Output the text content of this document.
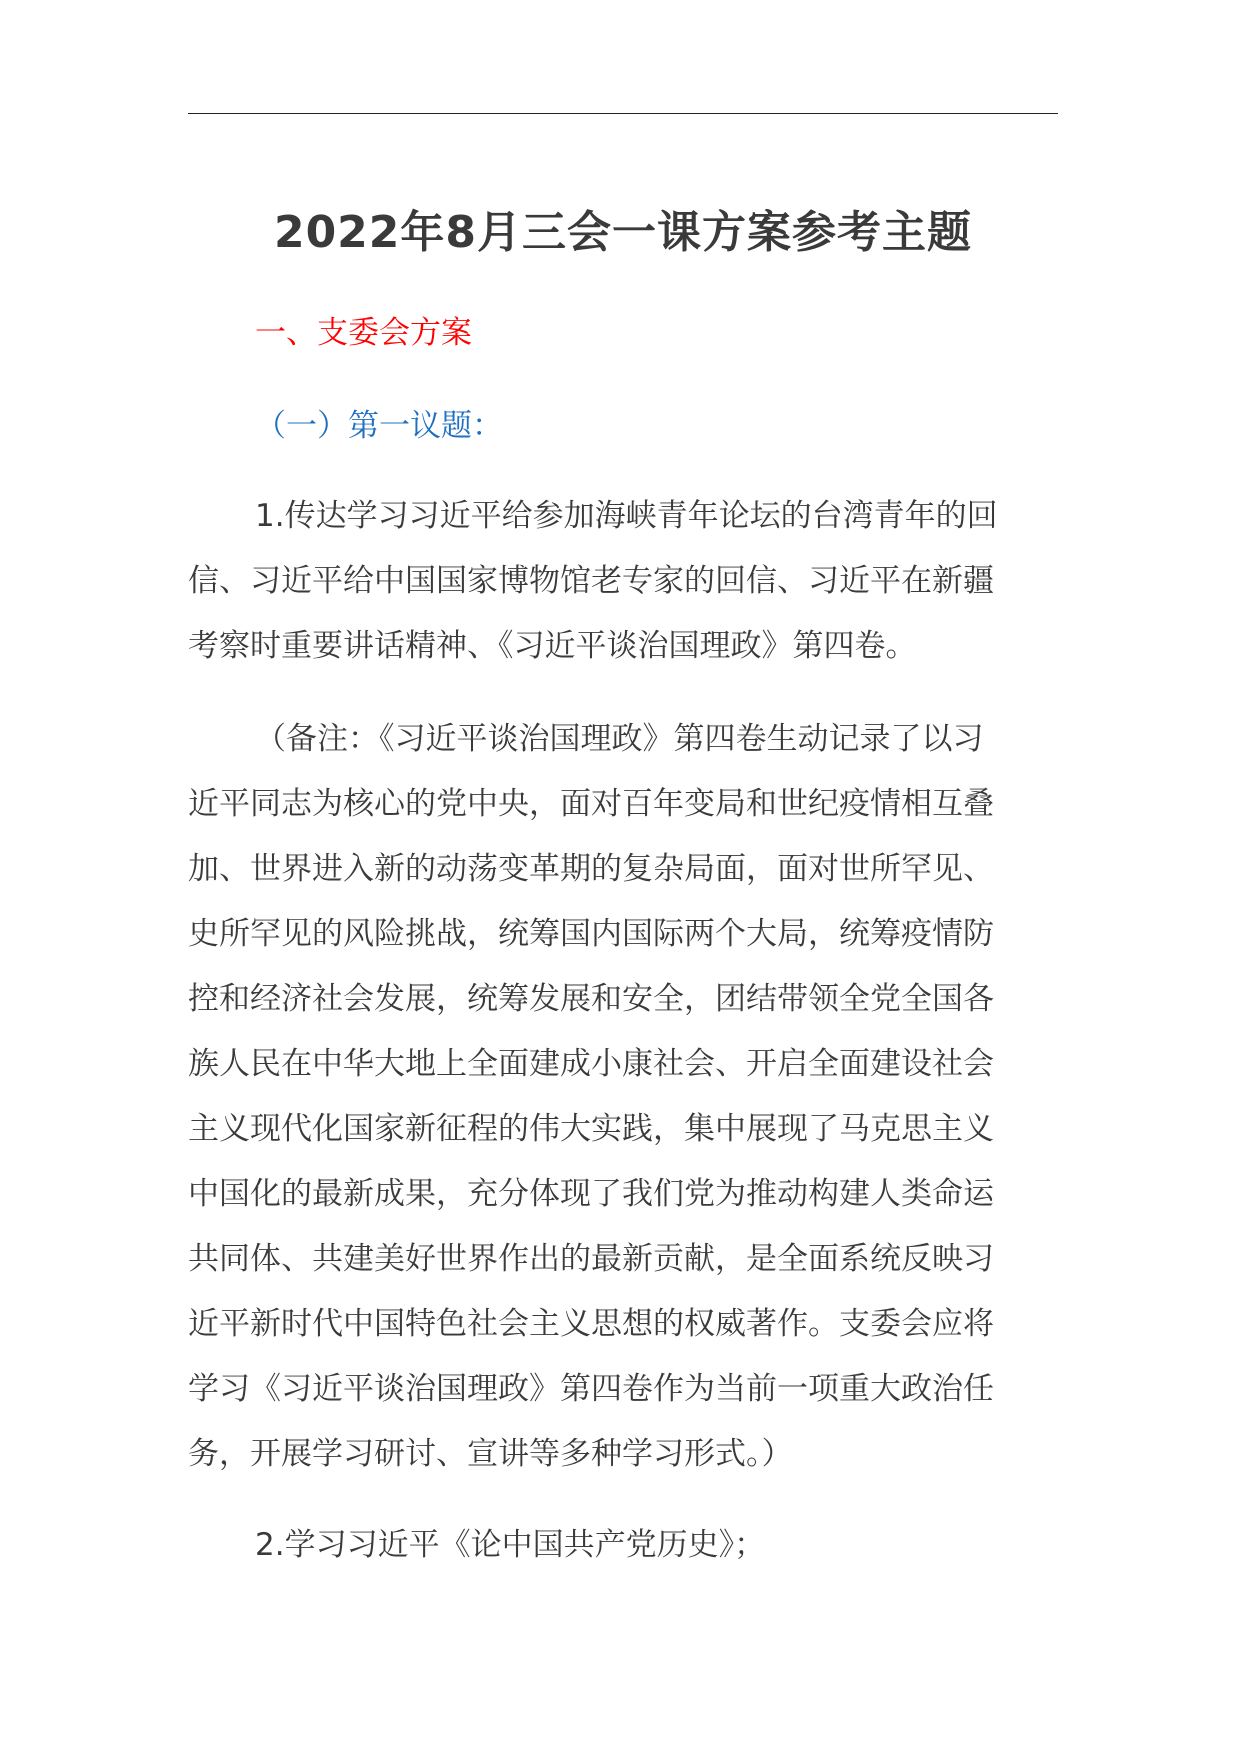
2022年8月三会一课方案参考主题
一、支委会方案
（一）第一议题：
1.传达学习习近平给参加海峡青年论坛的台湾青年的回
信、习近平给中国国家博物馆老专家的回信、习近平在新疆
考察时重要讲话精神、《习近平谈治国理政》第四卷。
（备注：《习近平谈治国理政》第四卷生动记录了以习
近平同志为核心的党中央，面对百年变局和世纪疫情相互叠
加、世界进入新的动荡变革期的复杂局面，面对世所罕见、
史所罕见的风险挑战，统筹国内国际两个大局，统筹疫情防
控和经济社会发展，统筹发展和安全，团结带领全党全国各
族人民在中华大地上全面建成小康社会、开启全面建设社会
主义现代化国家新征程的伟大实践，集中展现了马克思主义
中国化的最新成果，充分体现了我们党为推动构建人类命运
共同体、共建美好世界作出的最新贡献，是全面系统反映习
近平新时代中国特色社会主义思想的权威著作。支委会应将
学习《习近平谈治国理政》第四卷作为当前一项重大政治任
务，开展学习研讨、宣讲等多种学习形式。）
2.学习习近平《论中国共产党历史》；
